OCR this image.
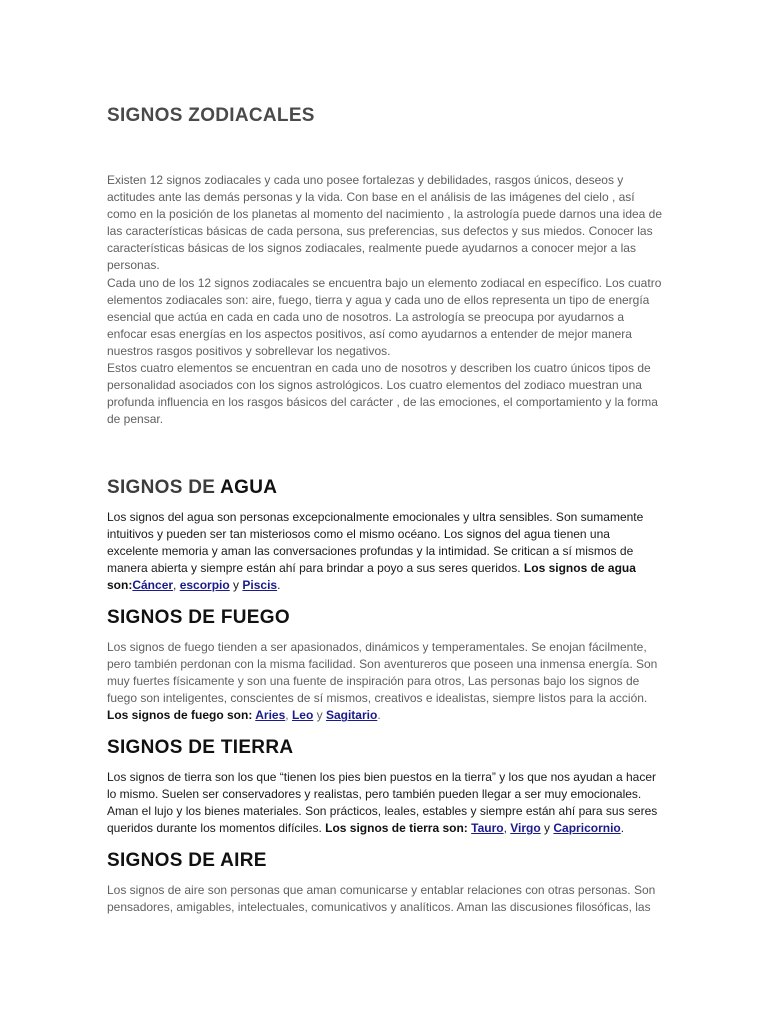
SIGNOS ZODIACALES

Existen 12 signos zodiacales y cada uno posee fortalezas y debilidades, rasgos únicos, deseos y actitudes ante las demás personas y la vida. Con base en el análisis de las imágenes del cielo , así como en la posición de los planetas al momento del nacimiento , la astrología puede darnos una idea de las características básicas de cada persona, sus preferencias, sus defectos y sus miedos. Conocer las características básicas de los signos zodiacales, realmente puede ayudarnos a conocer mejor a las personas.

Cada uno de los 12 signos zodiacales se encuentra bajo un elemento zodiacal en específico. Los cuatro elementos zodiacales son: aire, fuego, tierra y agua y cada uno de ellos representa un tipo de energía esencial que actúa en cada en cada uno de nosotros. La astrología se preocupa por ayudarnos a enfocar esas energías en los aspectos positivos, así como ayudarnos a entender de mejor manera nuestros rasgos positivos y sobrellevar los negativos.

Estos cuatro elementos se encuentran en cada uno de nosotros y describen los cuatro únicos tipos de personalidad asociados con los signos astrológicos. Los cuatro elementos del zodiaco muestran una profunda influencia en los rasgos básicos del carácter , de las emociones, el comportamiento y la forma de pensar.

SIGNOS DE AGUA

Los signos del agua son personas excepcionalmente emocionales y ultra sensibles. Son sumamente intuitivos y pueden ser tan misteriosos como el mismo océano. Los signos del agua tienen una excelente memoria y aman las conversaciones profundas y la intimidad. Se critican a sí mismos de manera abierta y siempre están ahí para brindar a poyo a sus seres queridos. Los signos de agua son:Cáncer, escorpio y Piscis.

SIGNOS DE FUEGO

Los signos de fuego tienden a ser apasionados, dinámicos y temperamentales. Se enojan fácilmente, pero también perdonan con la misma facilidad. Son aventureros que poseen una inmensa energía. Son muy fuertes físicamente y son una fuente de inspiración para otros, Las personas bajo los signos de fuego son inteligentes, conscientes de sí mismos, creativos e idealistas, siempre listos para la acción. Los signos de fuego son: Aries, Leo y Sagitario.

SIGNOS DE TIERRA

Los signos de tierra son los que “tienen los pies bien puestos en la tierra” y los que nos ayudan a hacer lo mismo. Suelen ser conservadores y realistas, pero también pueden llegar a ser muy emocionales. Aman el lujo y los bienes materiales. Son prácticos, leales, estables y siempre están ahí para sus seres queridos durante los momentos difíciles. Los signos de tierra son: Tauro, Virgo y Capricornio.

SIGNOS DE AIRE

Los signos de aire son personas que aman comunicarse y entablar relaciones con otras personas. Son pensadores, amigables, intelectuales, comunicativos y analíticos. Aman las discusiones filosóficas, las
